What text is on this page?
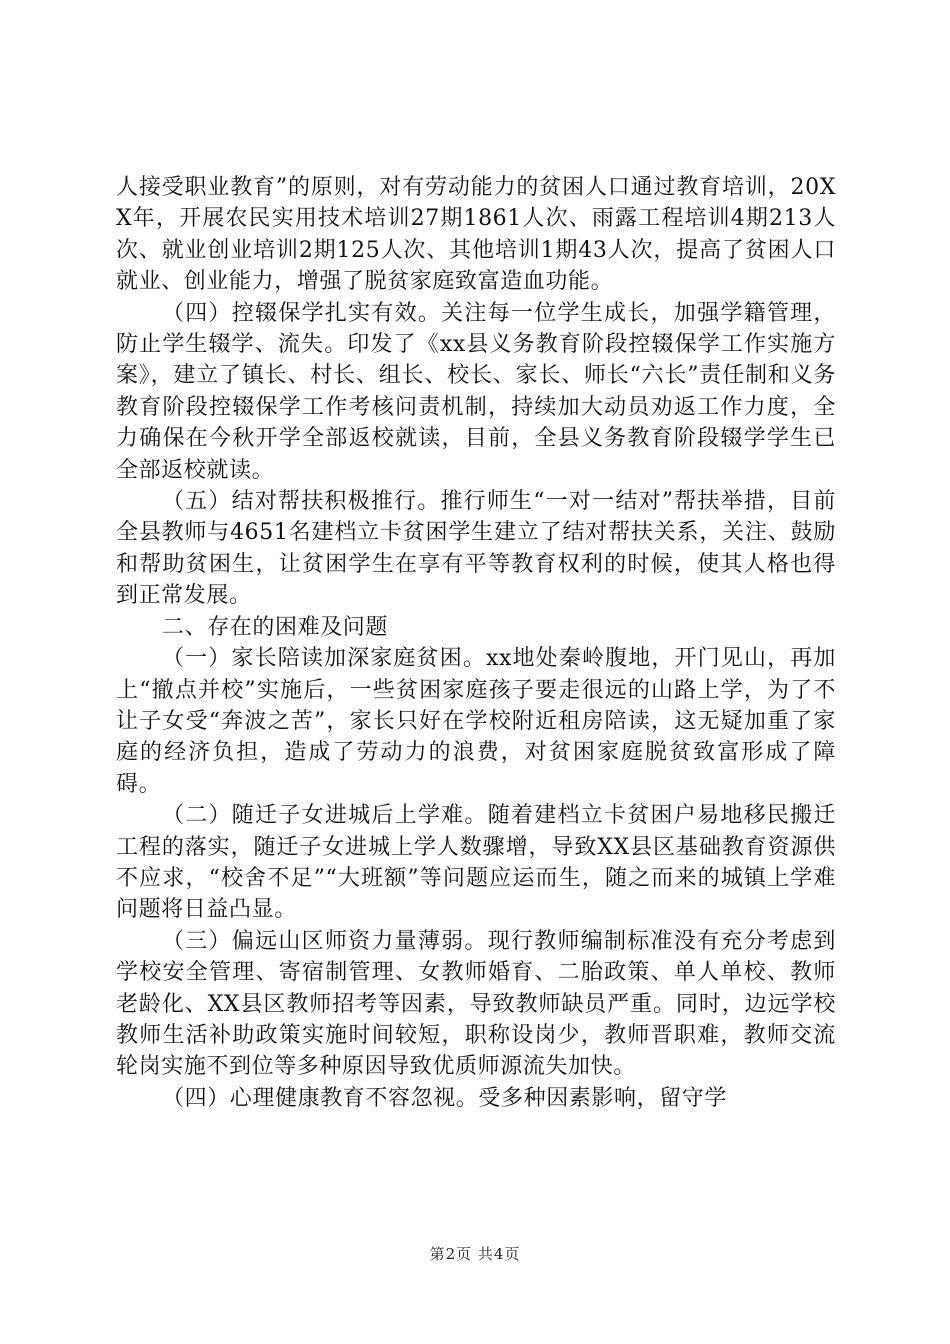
人接受职业教育”的原则，对有劳动能力的贫困人口通过教育培训，20XX年，开展农民实用技术培训27期1861人次、雨露工程培训4期213人次、就业创业培训2期125人次、其他培训1期43人次，提高了贫困人口就业、创业能力，增强了脱贫家庭致富造血功能。

（四）控辍保学扎实有效。关注每一位学生成长，加强学籍管理，防止学生辍学、流失。印发了《xx县义务教育阶段控辍保学工作实施方案》，建立了镇长、村长、组长、校长、家长、师长“六长”责任制和义务教育阶段控辍保学工作考核问责机制，持续加大动员劝返工作力度，全力确保在今秋开学全部返校就读，目前，全县义务教育阶段辍学学生已全部返校就读。

（五）结对帮扶积极推行。推行师生“一对一结对”帮扶举措，目前全县教师与4651名建档立卡贫困学生建立了结对帮扶关系，关注、鼓励和帮助贫困生，让贫困学生在享有平等教育权利的时候，使其人格也得到正常发展。

二、存在的困难及问题

（一）家长陪读加深家庭贫困。xx地处秦岭腹地，开门见山，再加上“撤点并校”实施后，一些贫困家庭孩子要走很远的山路上学，为了不让子女受“奔波之苦”，家长只好在学校附近租房陪读，这无疑加重了家庭的经济负担，造成了劳动力的浪费，对贫困家庭脱贫致富形成了障碍。

（二）随迁子女进城后上学难。随着建档立卡贫困户易地移民搬迁工程的落实，随迁子女进城上学人数骤增，导致XX县区基础教育资源供不应求，“校舍不足”“大班额”等问题应运而生，随之而来的城镇上学难问题将日益凸显。

（三）偏远山区师资力量薄弱。现行教师编制标准没有充分考虑到学校安全管理、寄宿制管理、女教师婚育、二胎政策、单人单校、教师老龄化、XX县区教师招考等因素，导致教师缺员严重。同时，边远学校教师生活补助政策实施时间较短，职称设岗少，教师晋职难，教师交流轮岗实施不到位等多种原因导致优质师源流失加快。

（四）心理健康教育不容忽视。受多种因素影响，留守学

第2页 共4页
